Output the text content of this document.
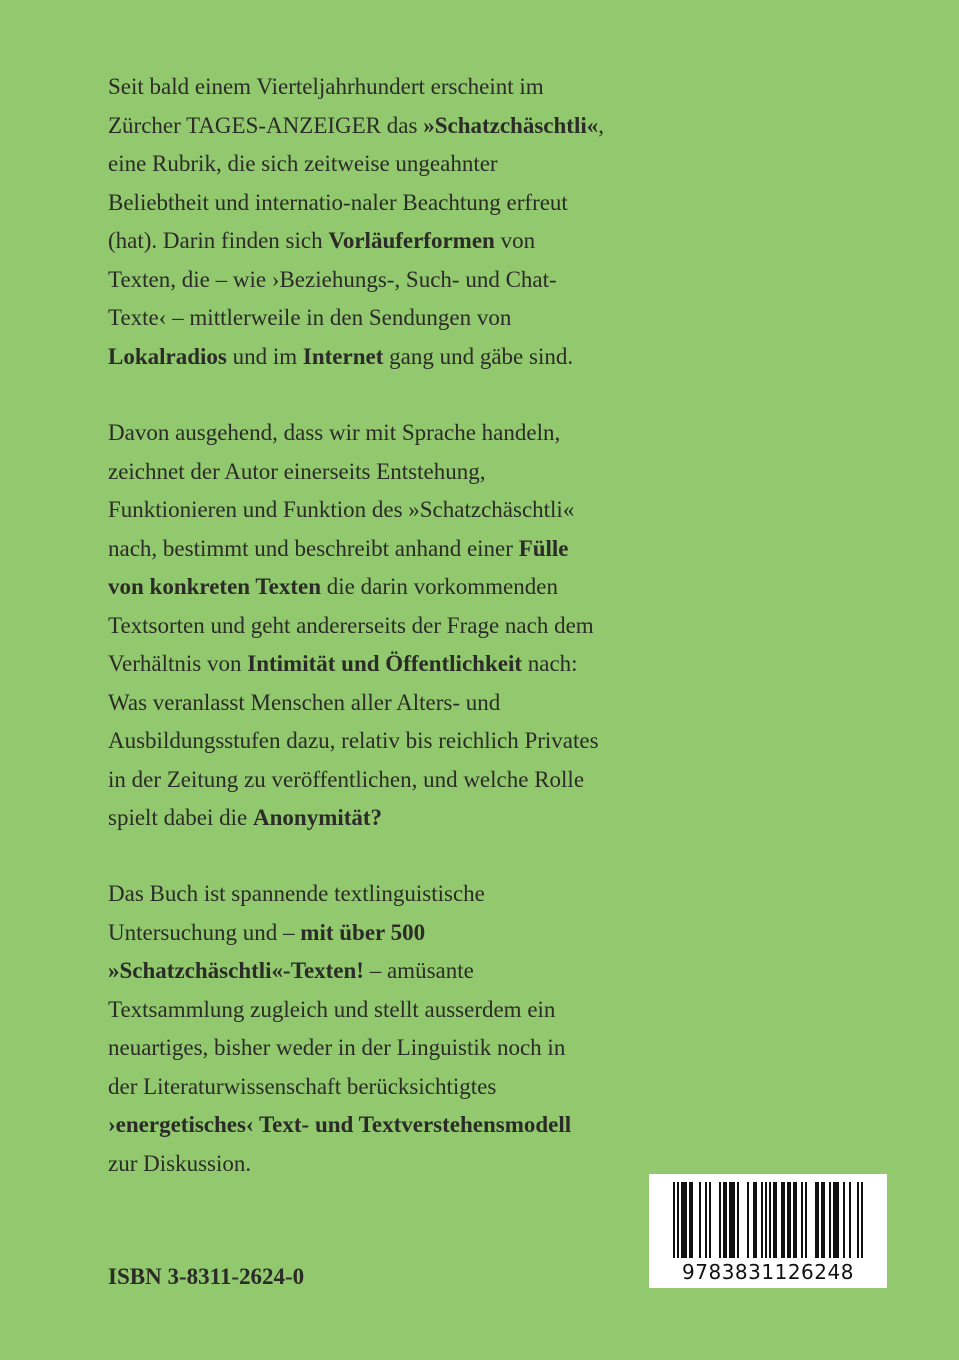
Seit bald einem Vierteljahrhundert erscheint im
Zürcher TAGES-ANZEIGER das »Schatzchäschtli«,
eine Rubrik, die sich zeitweise ungeahnter
Beliebtheit und internatio-naler Beachtung erfreut
(hat). Darin finden sich Vorläuferformen von
Texten, die – wie ›Beziehungs-, Such- und Chat-
Texte‹ – mittlerweile in den Sendungen von
Lokalradios und im Internet gang und gäbe sind.

Davon ausgehend, dass wir mit Sprache handeln,
zeichnet der Autor einerseits Entstehung,
Funktionieren und Funktion des »Schatzchäschtli«
nach, bestimmt und beschreibt anhand einer Fülle
von konkreten Texten die darin vorkommenden
Textsorten und geht andererseits der Frage nach dem
Verhältnis von Intimität und Öffentlichkeit nach:
Was veranlasst Menschen aller Alters- und
Ausbildungsstufen dazu, relativ bis reichlich Privates
in der Zeitung zu veröffentlichen, und welche Rolle
spielt dabei die Anonymität?

Das Buch ist spannende textlinguistische
Untersuchung und – mit über 500
»Schatzchäschtli«-Texten! – amüsante
Textsammlung zugleich und stellt ausserdem ein
neuartiges, bisher weder in der Linguistik noch in
der Literaturwissenschaft berücksichtigtes
›energetisches‹ Text- und Textverstehensmodell
zur Diskussion.

ISBN 3-8311-2624-0	9783831126248
